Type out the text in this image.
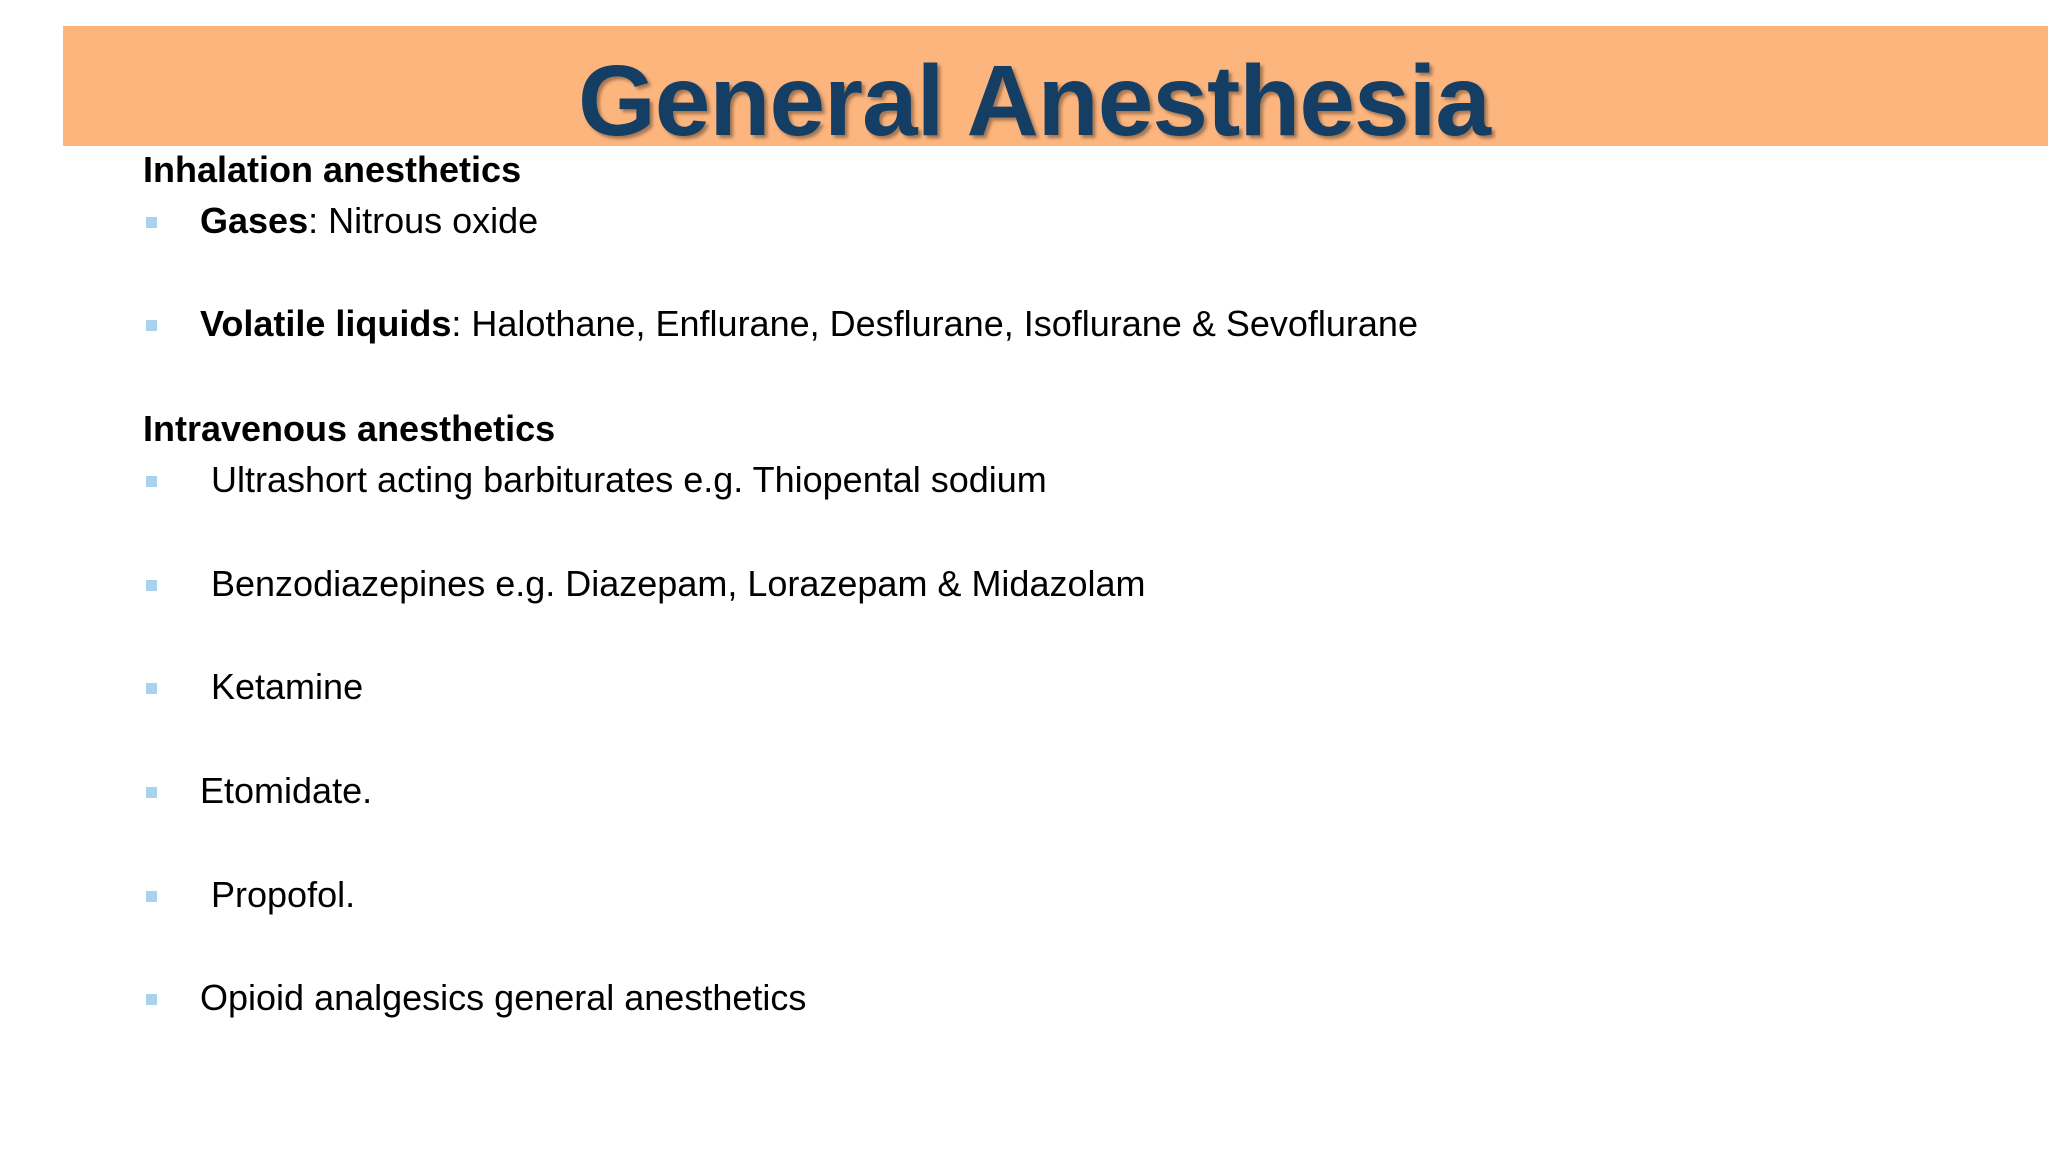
General Anesthesia
Inhalation anesthetics
Gases: Nitrous oxide
Volatile liquids: Halothane, Enflurane, Desflurane, Isoflurane & Sevoflurane
Intravenous anesthetics
Ultrashort acting barbiturates e.g. Thiopental sodium
Benzodiazepines e.g. Diazepam, Lorazepam & Midazolam
Ketamine
Etomidate.
Propofol.
Opioid analgesics general anesthetics
